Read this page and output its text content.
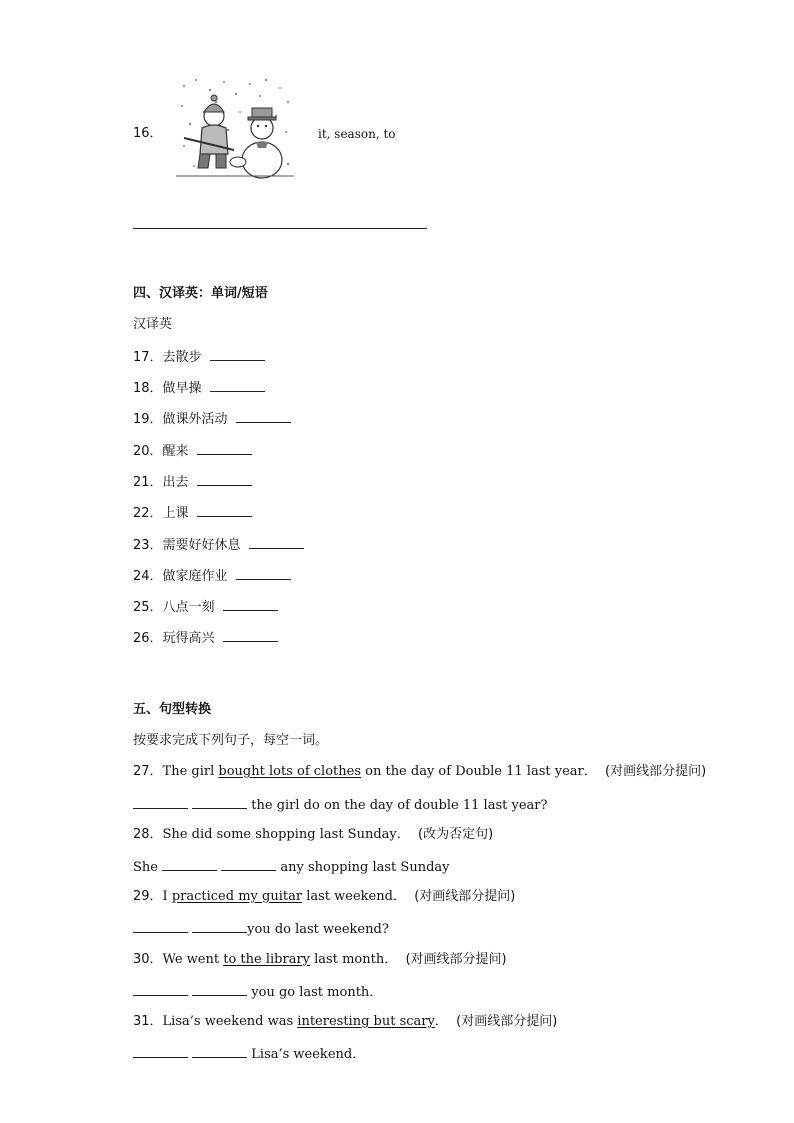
16．	it, season, to
四、汉译英：单词/短语
汉译英
17．去散步
18．做早操
19．做课外活动
20．醒来
21．出去
22．上课
23．需要好好休息
24．做家庭作业
25．八点一刻
26．玩得高兴
五、句型转换
按要求完成下列句子，每空一词。
27．The girl bought lots of clothes on the day of Double 11 last year． (对画线部分提问)
the girl do on the day of double 11 last year?
28．She did some shopping last Sunday． (改为否定句)
She	any shopping last Sunday
29．I practiced my guitar last weekend． (对画线部分提问)
you do last weekend?
30．We went to the library last month． (对画线部分提问)
you go last month．
31．Lisa’s weekend was interesting but scary． (对画线部分提问)
Lisa’s weekend．
